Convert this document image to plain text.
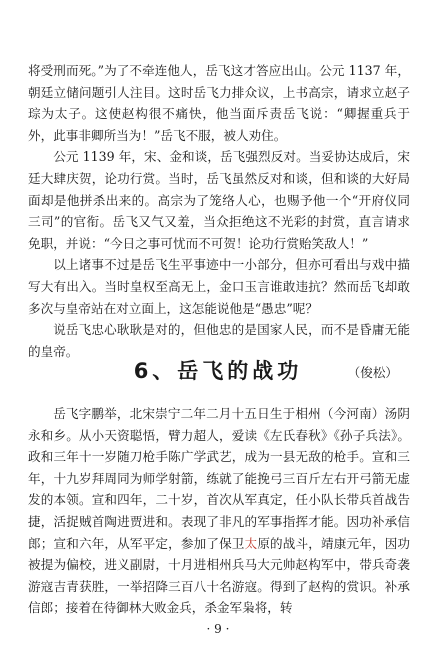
将受刑而死。”为了不牵连他人，岳飞这才答应出山。公元 1137 年，朝廷立储问题引人注目。这时岳飞力排众议，上书高宗，请求立赵子琮为太子。这使赵构很不痛快，他当面斥责岳飞说：“卿握重兵于外，此事非卿所当为！”岳飞不服，被人劝住。

公元 1139 年，宋、金和谈，岳飞强烈反对。当妥协达成后，宋廷大肆庆贺，论功行赏。当时，岳飞虽然反对和谈，但和谈的大好局面却是他拼杀出来的。高宗为了笼络人心，也赐予他一个“开府仪同三司”的官衔。岳飞又气又羞，当众拒绝这不光彩的封赏，直言请求免职，并说：“今日之事可忧而不可贺！论功行赏贻笑敌人！”

以上诸事不过是岳飞生平事迹中一小部分，但亦可看出与戏中描写大有出入。当时皇权至高无上，金口玉言谁敢违抗？然而岳飞却敢多次与皇帝站在对立面上，这怎能说他是“愚忠”呢？

说岳飞忠心耿耿是对的，但他忠的是国家人民，而不是昏庸无能的皇帝。

（俊松）

6、岳飞的战功

岳飞字鹏举，北宋崇宁二年二月十五日生于相州（今河南）汤阴永和乡。从小天资聪悟，臂力超人，爱读《左氏春秋》《孙子兵法》。政和三年十一岁随刀枪手陈广学武艺，成为一县无敌的枪手。宣和三年，十九岁拜周同为师学射箭，练就了能挽弓三百斤左右开弓箭无虚发的本领。宣和四年，二十岁，首次从军真定，任小队长带兵首战告捷，活捉贼首陶进贾进和。表现了非凡的军事指挥才能。因功补承信郎；宣和六年，从军平定，参加了保卫太原的战斗，靖康元年，因功被提为偏校，进义副尉，十月进相州兵马大元帅赵构军中，带兵奇袭游寇吉青获胜，一举招降三百八十名游寇。得到了赵构的赏识。补承信郎；接着在待御林大败金兵，杀金军枭将，转

· 9 ·
